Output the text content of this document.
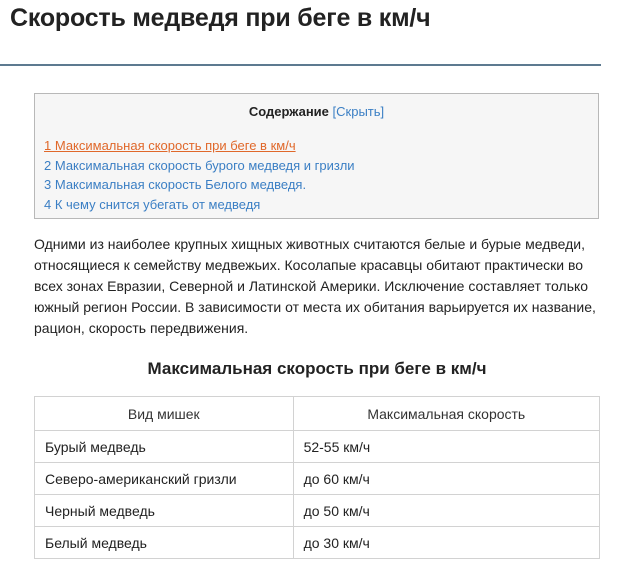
Скорость медведя при беге в км/ч
Содержание [Скрыть]
1 Максимальная скорость при беге в км/ч
2 Максимальная скорость бурого медведя и гризли
3 Максимальная скорость Белого медведя.
4 К чему снится убегать от медведя

Одними из наиболее крупных хищных животных считаются белые и бурые медведи, относящиеся к семейству медвежьих. Косолапые красавцы обитают практически во всех зонах Евразии, Северной и Латинской Америки. Исключение составляет только южный регион России. В зависимости от места их обитания варьируется их название, рацион, скорость передвижения.

Максимальная скорость при беге в км/ч
Вид мишек	Максимальная скорость
Бурый медведь	52-55 км/ч
Северо-американский гризли	до 60 км/ч
Черный медведь	до 50 км/ч
Белый медведь	до 30 км/ч
